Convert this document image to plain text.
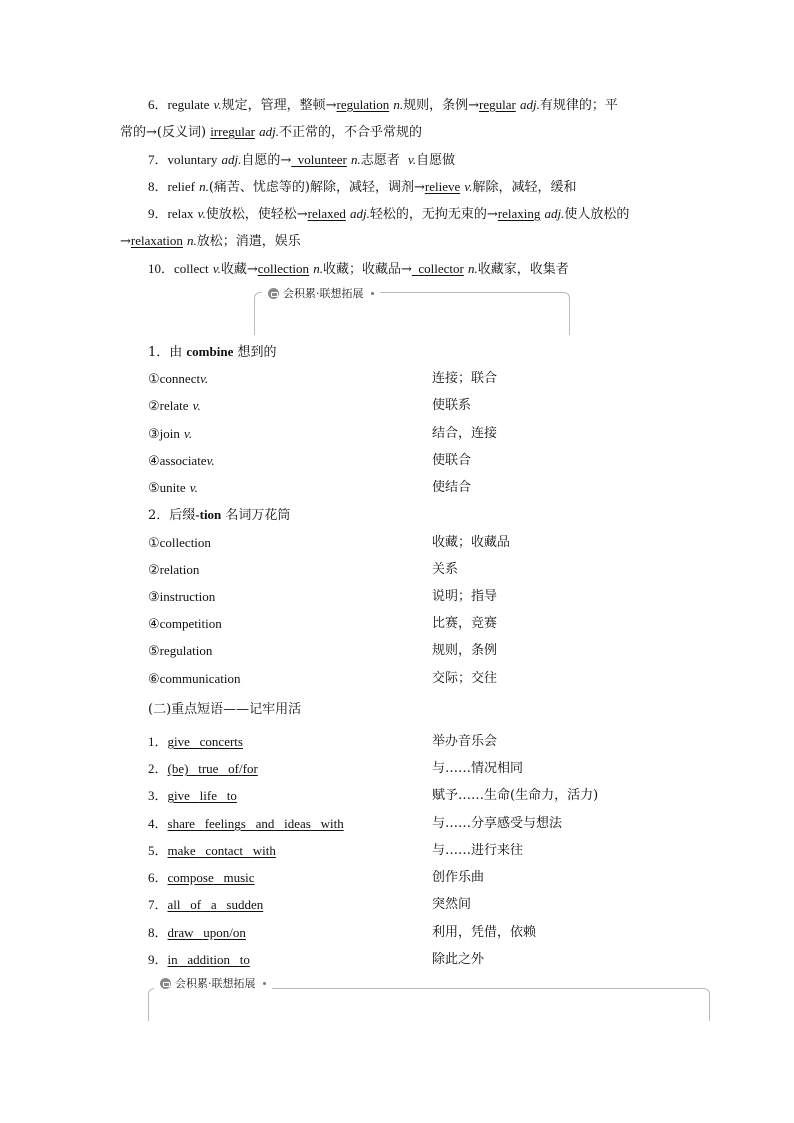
6．regulate v.规定，管理，整顿→regulation n.规则，条例→regular adj.有规律的；平
常的→(反义词) irregular adj.不正常的，不合乎常规的
7．voluntary adj.自愿的→ volunteer n.志愿者 v.自愿做
8．relief n.(痛苦、忧虑等的)解除，减轻，调剂→relieve v.解除，减轻，缓和
9．relax v.使放松，使轻松→relaxed adj.轻松的，无拘无束的→relaxing adj.使人放松的
→relaxation n.放松；消遣，娱乐
10．collect v.收藏→collection n.收藏；收藏品→ collector n.收藏家，收集者
会积累·联想拓展
1．由 combine 想到的
①connectv.	连接；联合
②relate v.	使联系
③join v.	结合，连接
④associatev.	使联合
⑤unite v.	使结合
2．后缀-tion 名词万花筒
①collection	收藏；收藏品
②relation	关系
③instruction	说明；指导
④competition	比赛，竞赛
⑤regulation	规则，条例
⑥communication	交际；交往
(二)重点短语——记牢用活
1．give concerts	举办音乐会
2．(be) true of/for	与……情况相同
3．give life to	赋予……生命(生命力，活力)
4．share feelings and ideas with	与……分享感受与想法
5．make contact with	与……进行来往
6．compose music	创作乐曲
7．all of a sudden	突然间
8．draw upon/on	利用，凭借，依赖
9．in addition to	除此之外
会积累·联想拓展
